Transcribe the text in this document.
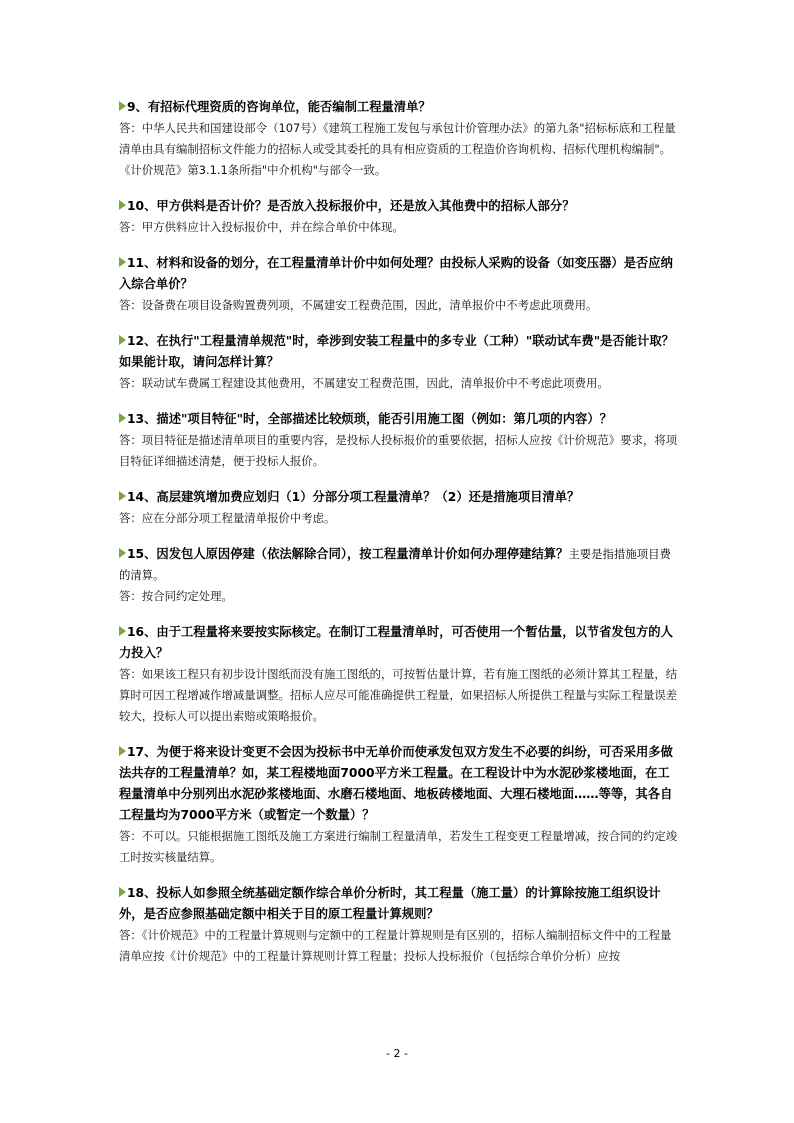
9、有招标代理资质的咨询单位，能否编制工程量清单？

答：中华人民共和国建设部令（107号）《建筑工程施工发包与承包计价管理办法》的第九条"招标标底和工程量清单由具有编制招标文件能力的招标人或受其委托的具有相应资质的工程造价咨询机构、招标代理机构编制"。《计价规范》第3.1.1条所指"中介机构"与部令一致。

10、甲方供料是否计价？是否放入投标报价中，还是放入其他费中的招标人部分？

答：甲方供料应计入投标报价中，并在综合单价中体现。

11、材料和设备的划分，在工程量清单计价中如何处理？由投标人采购的设备（如变压器）是否应纳入综合单价？

答：设备费在项目设备购置费列项，不属建安工程费范围，因此，清单报价中不考虑此项费用。

12、在执行"工程量清单规范"时，牵涉到安装工程量中的多专业（工种）"联动试车费"是否能计取？如果能计取，请问怎样计算？

答：联动试车费属工程建设其他费用，不属建安工程费范围，因此，清单报价中不考虑此项费用。

13、描述"项目特征"时，全部描述比较烦琐，能否引用施工图（例如：第几项的内容）？

答：项目特征是描述清单项目的重要内容，是投标人投标报价的重要依据，招标人应按《计价规范》要求，将项目特征详细描述清楚，便于投标人报价。

14、高层建筑增加费应划归（1）分部分项工程量清单？（2）还是措施项目清单？

答：应在分部分项工程量清单报价中考虑。

15、因发包人原因停建（依法解除合同），按工程量清单计价如何办理停建结算？主要是指措施项目费的清算。

答：按合同约定处理。

16、由于工程量将来要按实际核定。在制订工程量清单时，可否使用一个暂估量，以节省发包方的人力投入？

答：如果该工程只有初步设计图纸而没有施工图纸的，可按暂估量计算，若有施工图纸的必须计算其工程量，结算时可因工程增减作增减量调整。招标人应尽可能准确提供工程量，如果招标人所提供工程量与实际工程量误差较大，投标人可以提出索赔或策略报价。

17、为便于将来设计变更不会因为投标书中无单价而使承发包双方发生不必要的纠纷，可否采用多做法共存的工程量清单？如，某工程楼地面7000平方米工程量。在工程设计中为水泥砂浆楼地面，在工程量清单中分别列出水泥砂浆楼地面、水磨石楼地面、地板砖楼地面、大理石楼地面……等等，其各自工程量均为7000平方米（或暂定一个数量）？

答：不可以。只能根据施工图纸及施工方案进行编制工程量清单，若发生工程变更工程量增减，按合同的约定竣工时按实核量结算。

18、投标人如参照全统基础定额作综合单价分析时，其工程量（施工量）的计算除按施工组织设计外，是否应参照基础定额中相关于目的原工程量计算规则？

答：《计价规范》中的工程量计算规则与定额中的工程量计算规则是有区别的，招标人编制招标文件中的工程量清单应按《计价规范》中的工程量计算规则计算工程量；投标人投标报价（包括综合单价分析）应按

- 2 -
